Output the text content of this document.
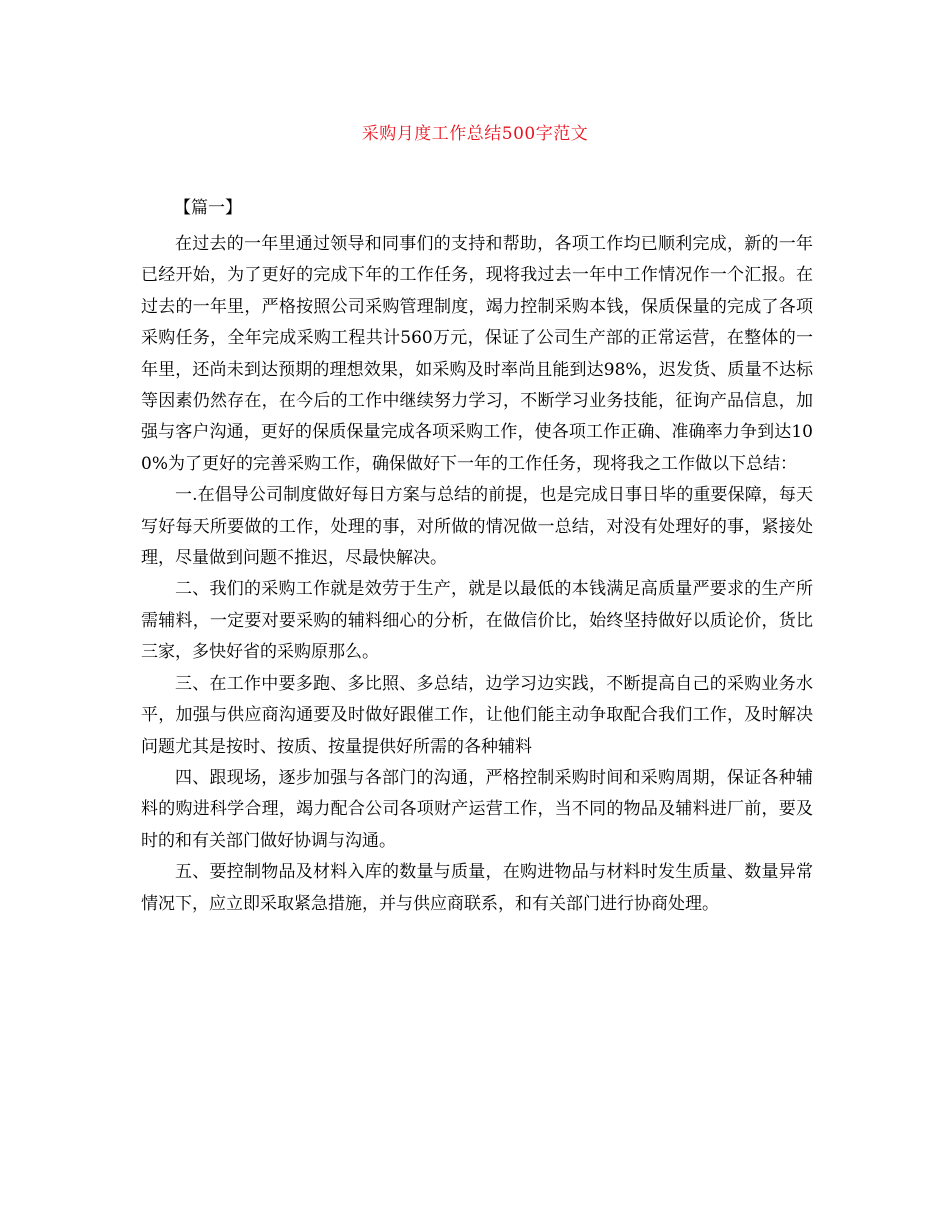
采购月度工作总结500字范文
【篇一】

在过去的一年里通过领导和同事们的支持和帮助，各项工作均已顺利完成，新的一年已经开始，为了更好的完成下年的工作任务，现将我过去一年中工作情况作一个汇报。在过去的一年里，严格按照公司采购管理制度，竭力控制采购本钱，保质保量的完成了各项采购任务，全年完成采购工程共计560万元，保证了公司生产部的正常运营，在整体的一年里，还尚未到达预期的理想效果，如采购及时率尚且能到达98%，迟发货、质量不达标等因素仍然存在，在今后的工作中继续努力学习，不断学习业务技能，征询产品信息，加强与客户沟通，更好的保质保量完成各项采购工作，使各项工作正确、准确率力争到达100%为了更好的完善采购工作，确保做好下一年的工作任务，现将我之工作做以下总结：

一.在倡导公司制度做好每日方案与总结的前提，也是完成日事日毕的重要保障，每天写好每天所要做的工作，处理的事，对所做的情况做一总结，对没有处理好的事，紧接处理，尽量做到问题不推迟，尽最快解决。

二、我们的采购工作就是效劳于生产，就是以最低的本钱满足高质量严要求的生产所需辅料，一定要对要采购的辅料细心的分析，在做信价比，始终坚持做好以质论价，货比三家，多快好省的采购原那么。

三、在工作中要多跑、多比照、多总结，边学习边实践，不断提高自己的采购业务水平，加强与供应商沟通要及时做好跟催工作，让他们能主动争取配合我们工作，及时解决问题尤其是按时、按质、按量提供好所需的各种辅料

四、跟现场，逐步加强与各部门的沟通，严格控制采购时间和采购周期，保证各种辅料的购进科学合理，竭力配合公司各项财产运营工作，当不同的物品及辅料进厂前，要及时的和有关部门做好协调与沟通。

五、要控制物品及材料入库的数量与质量，在购进物品与材料时发生质量、数量异常情况下，应立即采取紧急措施，并与供应商联系，和有关部门进行协商处理。
